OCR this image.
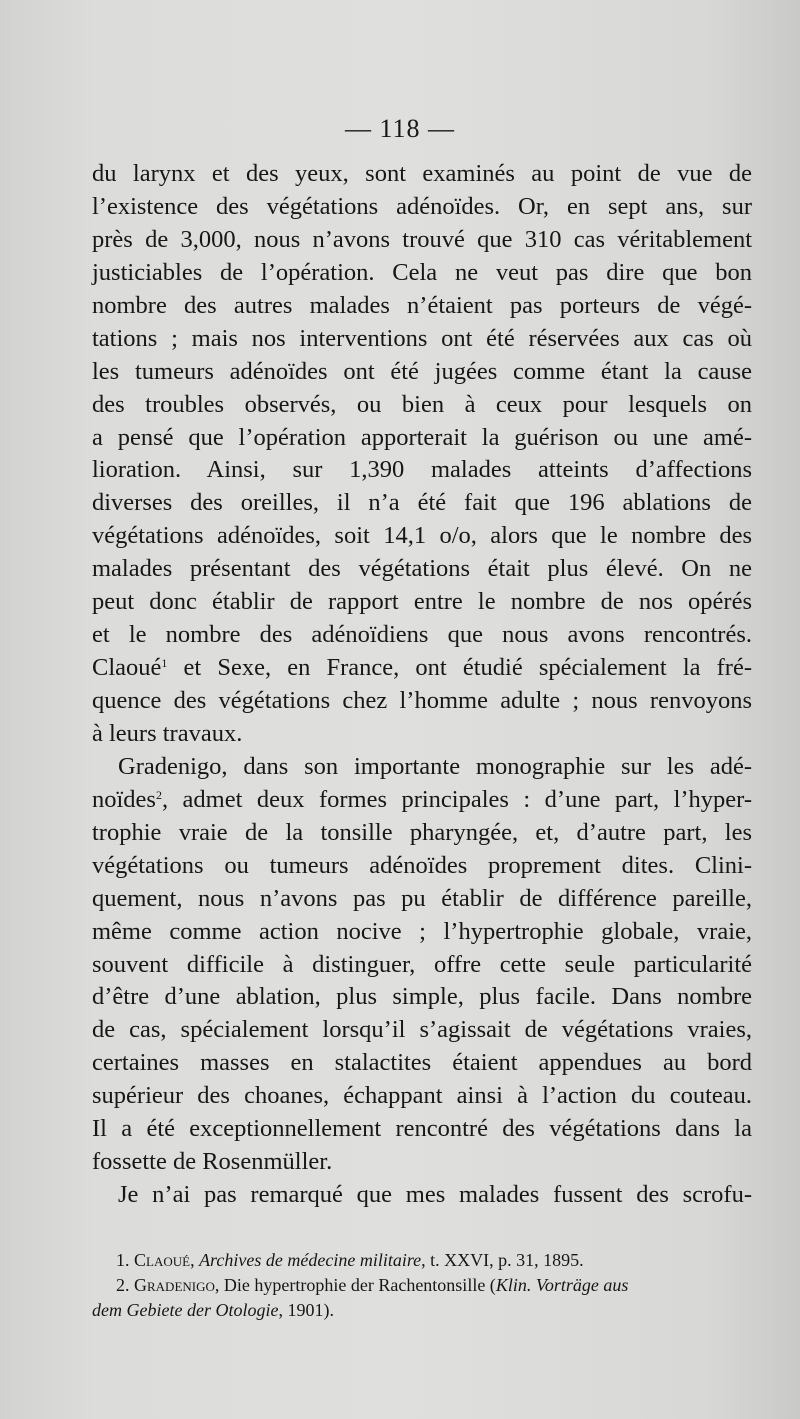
— 118 —
du larynx et des yeux, sont examinés au point de vue de
l’existence des végétations adénoïdes. Or, en sept ans, sur
près de 3,000, nous n’avons trouvé que 310 cas véritablement
justiciables de l’opération. Cela ne veut pas dire que bon
nombre des autres malades n’étaient pas porteurs de végé-
tations ; mais nos interventions ont été réservées aux cas où
les tumeurs adénoïdes ont été jugées comme étant la cause
des troubles observés, ou bien à ceux pour lesquels on
a pensé que l’opération apporterait la guérison ou une amé-
lioration. Ainsi, sur 1,390 malades atteints d’affections
diverses des oreilles, il n’a été fait que 196 ablations de
végétations adénoïdes, soit 14,1 o/o, alors que le nombre des
malades présentant des végétations était plus élevé. On ne
peut donc établir de rapport entre le nombre de nos opérés
et le nombre des adénoïdiens que nous avons rencontrés.
Claoué$^1$ et Sexe, en France, ont étudié spécialement la fré-
quence des végétations chez l’homme adulte ; nous renvoyons
à leurs travaux.
Gradenigo, dans son importante monographie sur les adé-
noïdes$^2$, admet deux formes principales : d’une part, l’hyper-
trophie vraie de la tonsille pharyngée, et, d’autre part, les
végétations ou tumeurs adénoïdes proprement dites. Clini-
quement, nous n’avons pas pu établir de différence pareille,
même comme action nocive ; l’hypertrophie globale, vraie,
souvent difficile à distinguer, offre cette seule particularité
d’être d’une ablation, plus simple, plus facile. Dans nombre
de cas, spécialement lorsqu’il s’agissait de végétations vraies,
certaines masses en stalactites étaient appendues au bord
supérieur des choanes, échappant ainsi à l’action du couteau.
Il a été exceptionnellement rencontré des végétations dans la
fossette de Rosenmüller.
Je n’ai pas remarqué que mes malades fussent des scrofu-
1. Claoué, Archives de médecine militaire, t. XXVI, p. 31, 1895.
2. Gradenigo, Die hypertrophie der Rachentonsille (Klin. Vorträge aus
dem Gebiete der Otologie, 1901).
